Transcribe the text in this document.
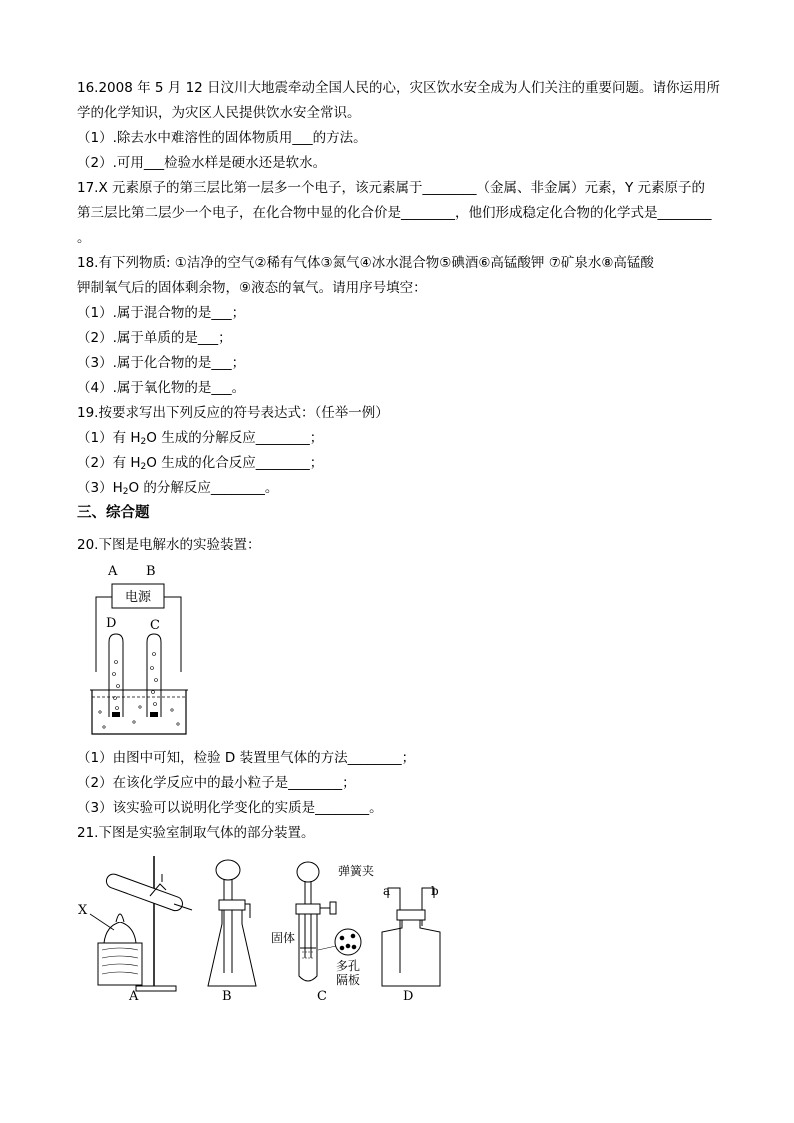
16.2008 年 5 月 12 日汶川大地震牵动全国人民的心，灾区饮水安全成为人们关注的重要问题。请你运用所
学的化学知识，为灾区人民提供饮水安全常识。
（1）.除去水中难溶性的固体物质用___的方法。
（2）.可用___检验水样是硬水还是软水。
17.X 元素原子的第三层比第一层多一个电子，该元素属于________（金属、非金属）元素，Y 元素原子的
第三层比第二层少一个电子，在化合物中显的化合价是________，他们形成稳定化合物的化学式是________
。
18.有下列物质: ①洁净的空气②稀有气体③氮气④冰水混合物⑤碘酒⑥高锰酸钾 ⑦矿泉水⑧高锰酸
钾制氧气后的固体剩余物，⑨液态的氧气。请用序号填空：
（1）.属于混合物的是___；
（2）.属于单质的是___；
（3）.属于化合物的是___；
（4）.属于氧化物的是___。
19.按要求写出下列反应的符号表达式：（任举一例）
（1）有 $H_2O$ 生成的分解反应________；
（2）有 $H_2O$ 生成的化合反应________；
$(3)H_2O$ 的分解反应________。
三、综合题
20.下图是电解水的实验装置：
A B
电源
D	C
（1）由图中可知，检验 D 装置里气体的方法________；
（2）在该化学反应中的最小粒子是________；
（3）该实验可以说明化学变化的实质是________。
21.下图是实验室制取气体的部分装置。
X
A	B
弹簧夹
固体
多孔
隔板
C
a	b
D
